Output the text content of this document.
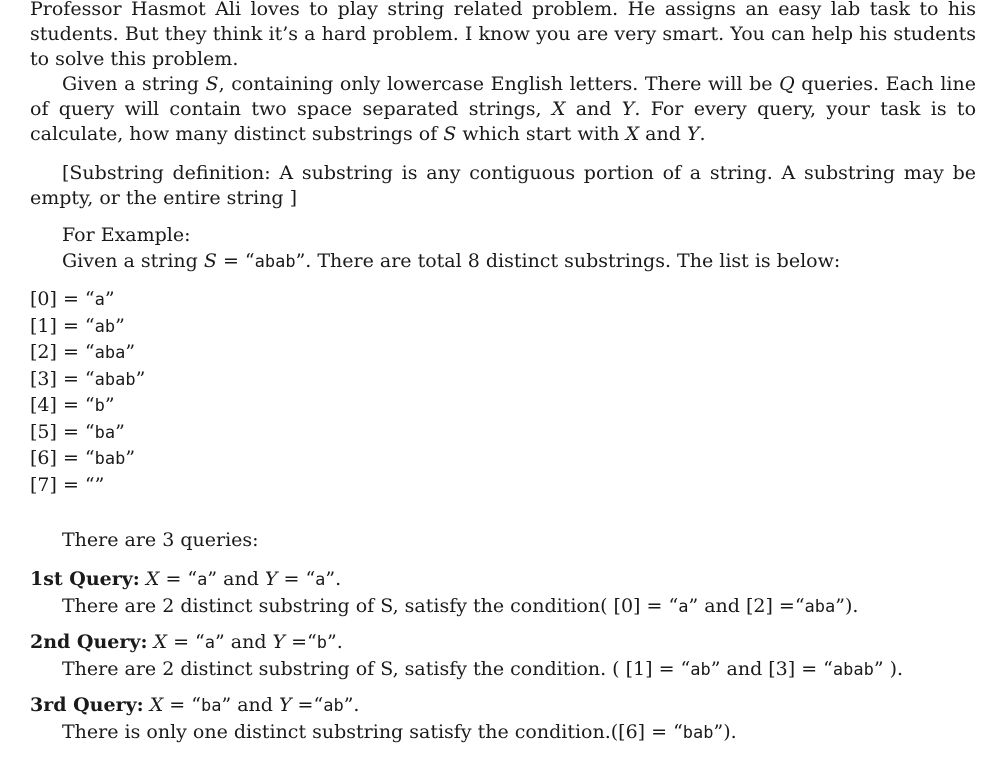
Professor Hasmot Ali loves to play string related problem. He assigns an easy lab task to his students. But they think it’s a hard problem. I know you are very smart. You can help his students to solve this problem.

Given a string S, containing only lowercase English letters. There will be Q queries. Each line of query will contain two space separated strings, X and Y. For every query, your task is to calculate, how many distinct substrings of S which start with X and Y.

[Substring definition: A substring is any contiguous portion of a string. A substring may be empty, or the entire string ]

For Example:
Given a string S = “abab”. There are total 8 distinct substrings. The list is below:
[0] = “a”
[1] = “ab”
[2] = “aba”
[3] = “abab”
[4] = “b”
[5] = “ba”
[6] = “bab”
[7] = “”
There are 3 queries:
1st Query: X = “a” and Y = “a”.
There are 2 distinct substring of S, satisfy the condition( [0] = “a” and [2] =“aba”).
2nd Query: X = “a” and Y =“b”.
There are 2 distinct substring of S, satisfy the condition. ( [1] = “ab” and [3] = “abab” ).
3rd Query: X = “ba” and Y =“ab”.
There is only one distinct substring satisfy the condition.([6] = “bab”).
